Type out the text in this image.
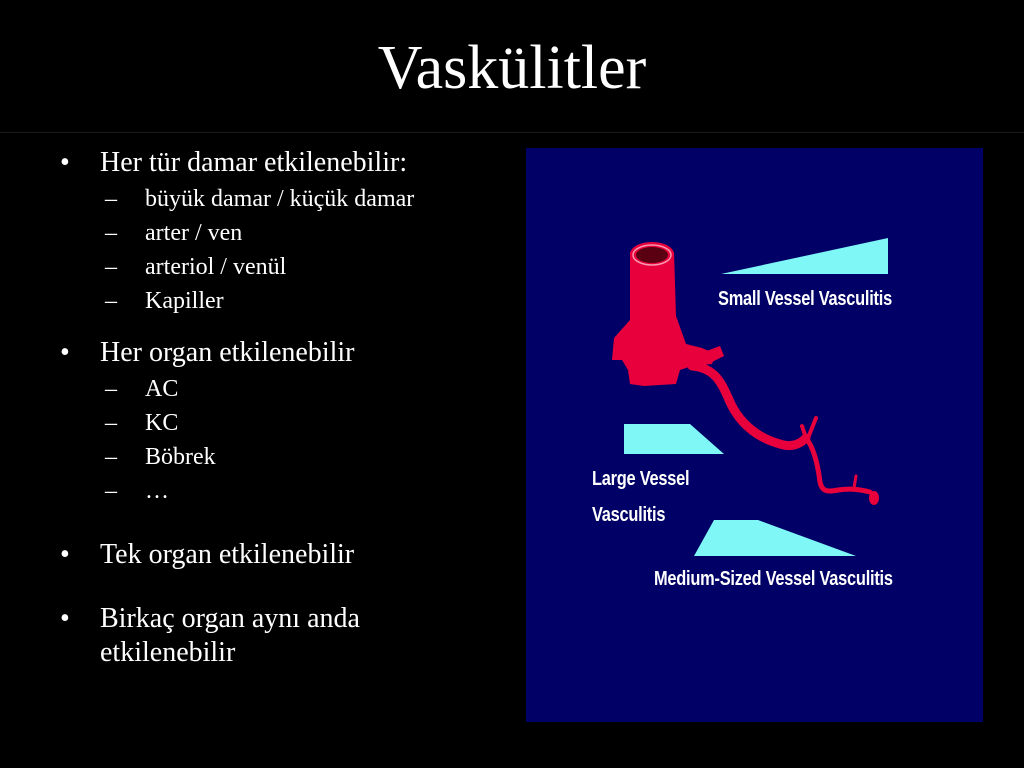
Vaskülitler
•	Her tür damar etkilenebilir:
–	büyük damar / küçük damar
–	arter / ven
–	arteriol / venül
–	Kapiller
•	Her organ etkilenebilir
–	AC
–	KC
–	Böbrek
–	…
•	Tek organ etkilenebilir
•	Birkaç organ aynı anda etkilenebilir
Small Vessel Vasculitis
Large Vessel
Vasculitis
Medium-Sized Vessel Vasculitis
